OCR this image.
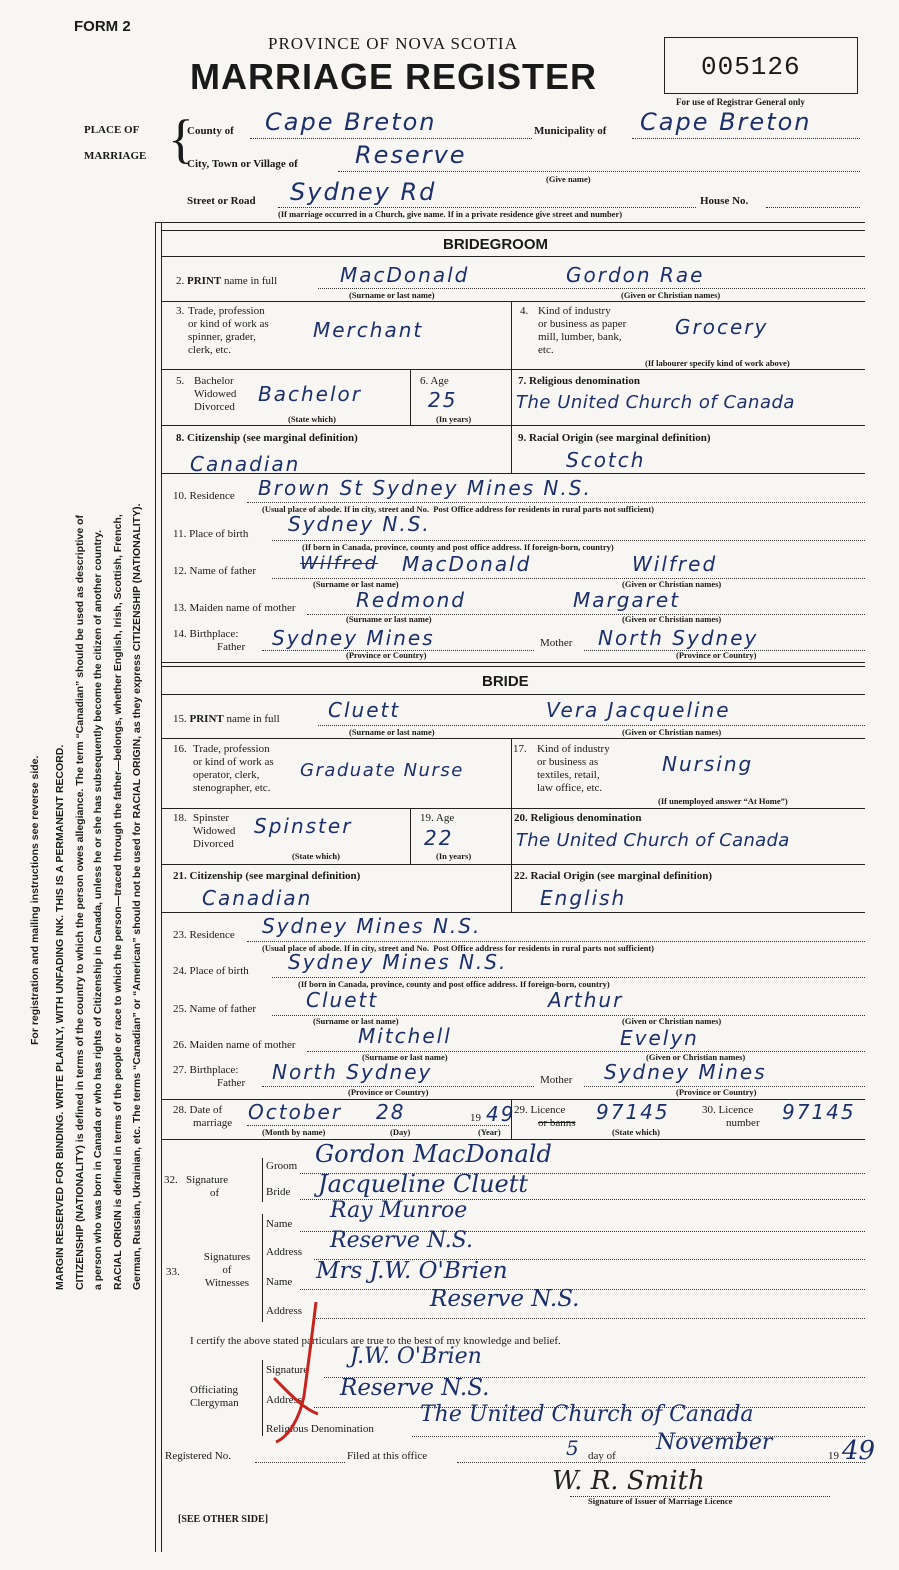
FORM 2
PROVINCE OF NOVA SCOTIA
MARRIAGE REGISTER	005126
For use of Registrar General only
PLACE OF
MARRIAGE {
County of Cape Breton	Municipality of Cape Breton
City, Town or Village of Reserve
(Give name)
Street or Road Sydney Rd	House No.
(If marriage occurred in a Church, give name. If in a private residence give street and number)
For registration and mailing instructions see reverse side. MARGIN RESERVED FOR BINDING. WRITE PLAINLY, WITH UNFADING INK. THIS IS A PERMANENT RECORD. CITIZENSHIP (NATIONALITY) is defined in terms of the country to which the person owes allegiance. The term “Canadian” should be used as descriptive of a person who was born in Canada or who has rights of Citizenship in Canada, unless he or she has subsequently become the citizen of another country. RACIAL ORIGIN is defined in terms of the people or race to which the person—traced through the father—belongs, whether English, Irish, Scottish, French, German, Russian, Ukrainian, etc. The terms “Canadian” or “American” should not be used for RACIAL ORIGIN, as they express CITIZENSHIP (NATIONALITY).
BRIDEGROOM
2. PRINT name in full	MacDonald	Gordon Rae
(Surname or last name)	(Given or Christian names)
3. Trade, profession
or kind of work as
spinner, grader,
clerk, etc.
Merchant
4. Kind of industry
or business as paper
mill, lumber, bank,
etc.
Grocery
(If labourer specify kind of work above)
5. Bachelor
Widowed
Divorced
Bachelor
(State which)
6. Age
25
(In years)
7. Religious denomination
The United Church of Canada
8. Citizenship (see marginal definition)
Canadian
9. Racial Origin (see marginal definition)
Scotch
10. Residence Brown St Sydney Mines N.S.
(Usual place of abode. If in city, street and No. Post Office address for residents in rural parts not sufficient)
11. Place of birth Sydney N.S.
(If born in Canada, province, county and post office address. If foreign-born, country)
12. Name of father Wilfred MacDonald	Wilfred
(Surname or last name)	(Given or Christian names)
13. Maiden name of mother	Redmond	Margaret
(Surname or last name)	(Given or Christian names)
14. Birthplace:
Father Sydney Mines	Mother North Sydney
(Province or Country)	(Province or Country)
BRIDE
15. PRINT name in full Cluett	Vera Jacqueline
(Surname or last name)	(Given or Christian names)
16. Trade, profession
or kind of work as
operator, clerk,
stenographer, etc.
Graduate Nurse
17. Kind of industry
or business as
textiles, retail,
law office, etc.
Nursing
(If unemployed answer “At Home”)
18. Spinster
Widowed
Divorced
Spinster
(State which)
19. Age
22
(In years)
20. Religious denomination
The United Church of Canada
21. Citizenship (see marginal definition)
Canadian
22. Racial Origin (see marginal definition)
English
23. Residence Sydney Mines N.S.
(Usual place of abode. If in city, street and No. Post Office address for residents in rural parts not sufficient)
24. Place of birth Sydney Mines N.S.
(If born in Canada, province, county and post office address. If foreign-born, country)
25. Name of father Cluett	Arthur
(Surname or last name)	(Given or Christian names)
26. Maiden name of mother	Mitchell	Evelyn
(Surname or last name)	(Given or Christian names)
27. Birthplace:
Father North Sydney	Mother Sydney Mines
(Province or Country)	(Province or Country)
28. Date of
marriage October 28	19 49
(Month by name)	(Day)	(Year)
29. Licence
or banns 97145
(State which)
30. Licence
number 97145
32. Signature
of
Groom Gordon MacDonald
Bride Jacqueline Cluett
Signatures
of
Witnesses
33.
Name
Ray Munroe
Address Reserve N.S.
Name Mrs J.W. O'Brien
Address	Reserve N.S.
I certify the above stated particulars are true to the best of my knowledge and belief.
Officiating
Clergyman
Signature
J.W. O'Brien
Address Reserve N.S.
Religious Denomination
The United Church of Canada
Registered No.	Filed at this office	5 day of
November
19 49
W. R. Smith
Signature of Issuer of Marriage Licence
[SEE OTHER SIDE]
